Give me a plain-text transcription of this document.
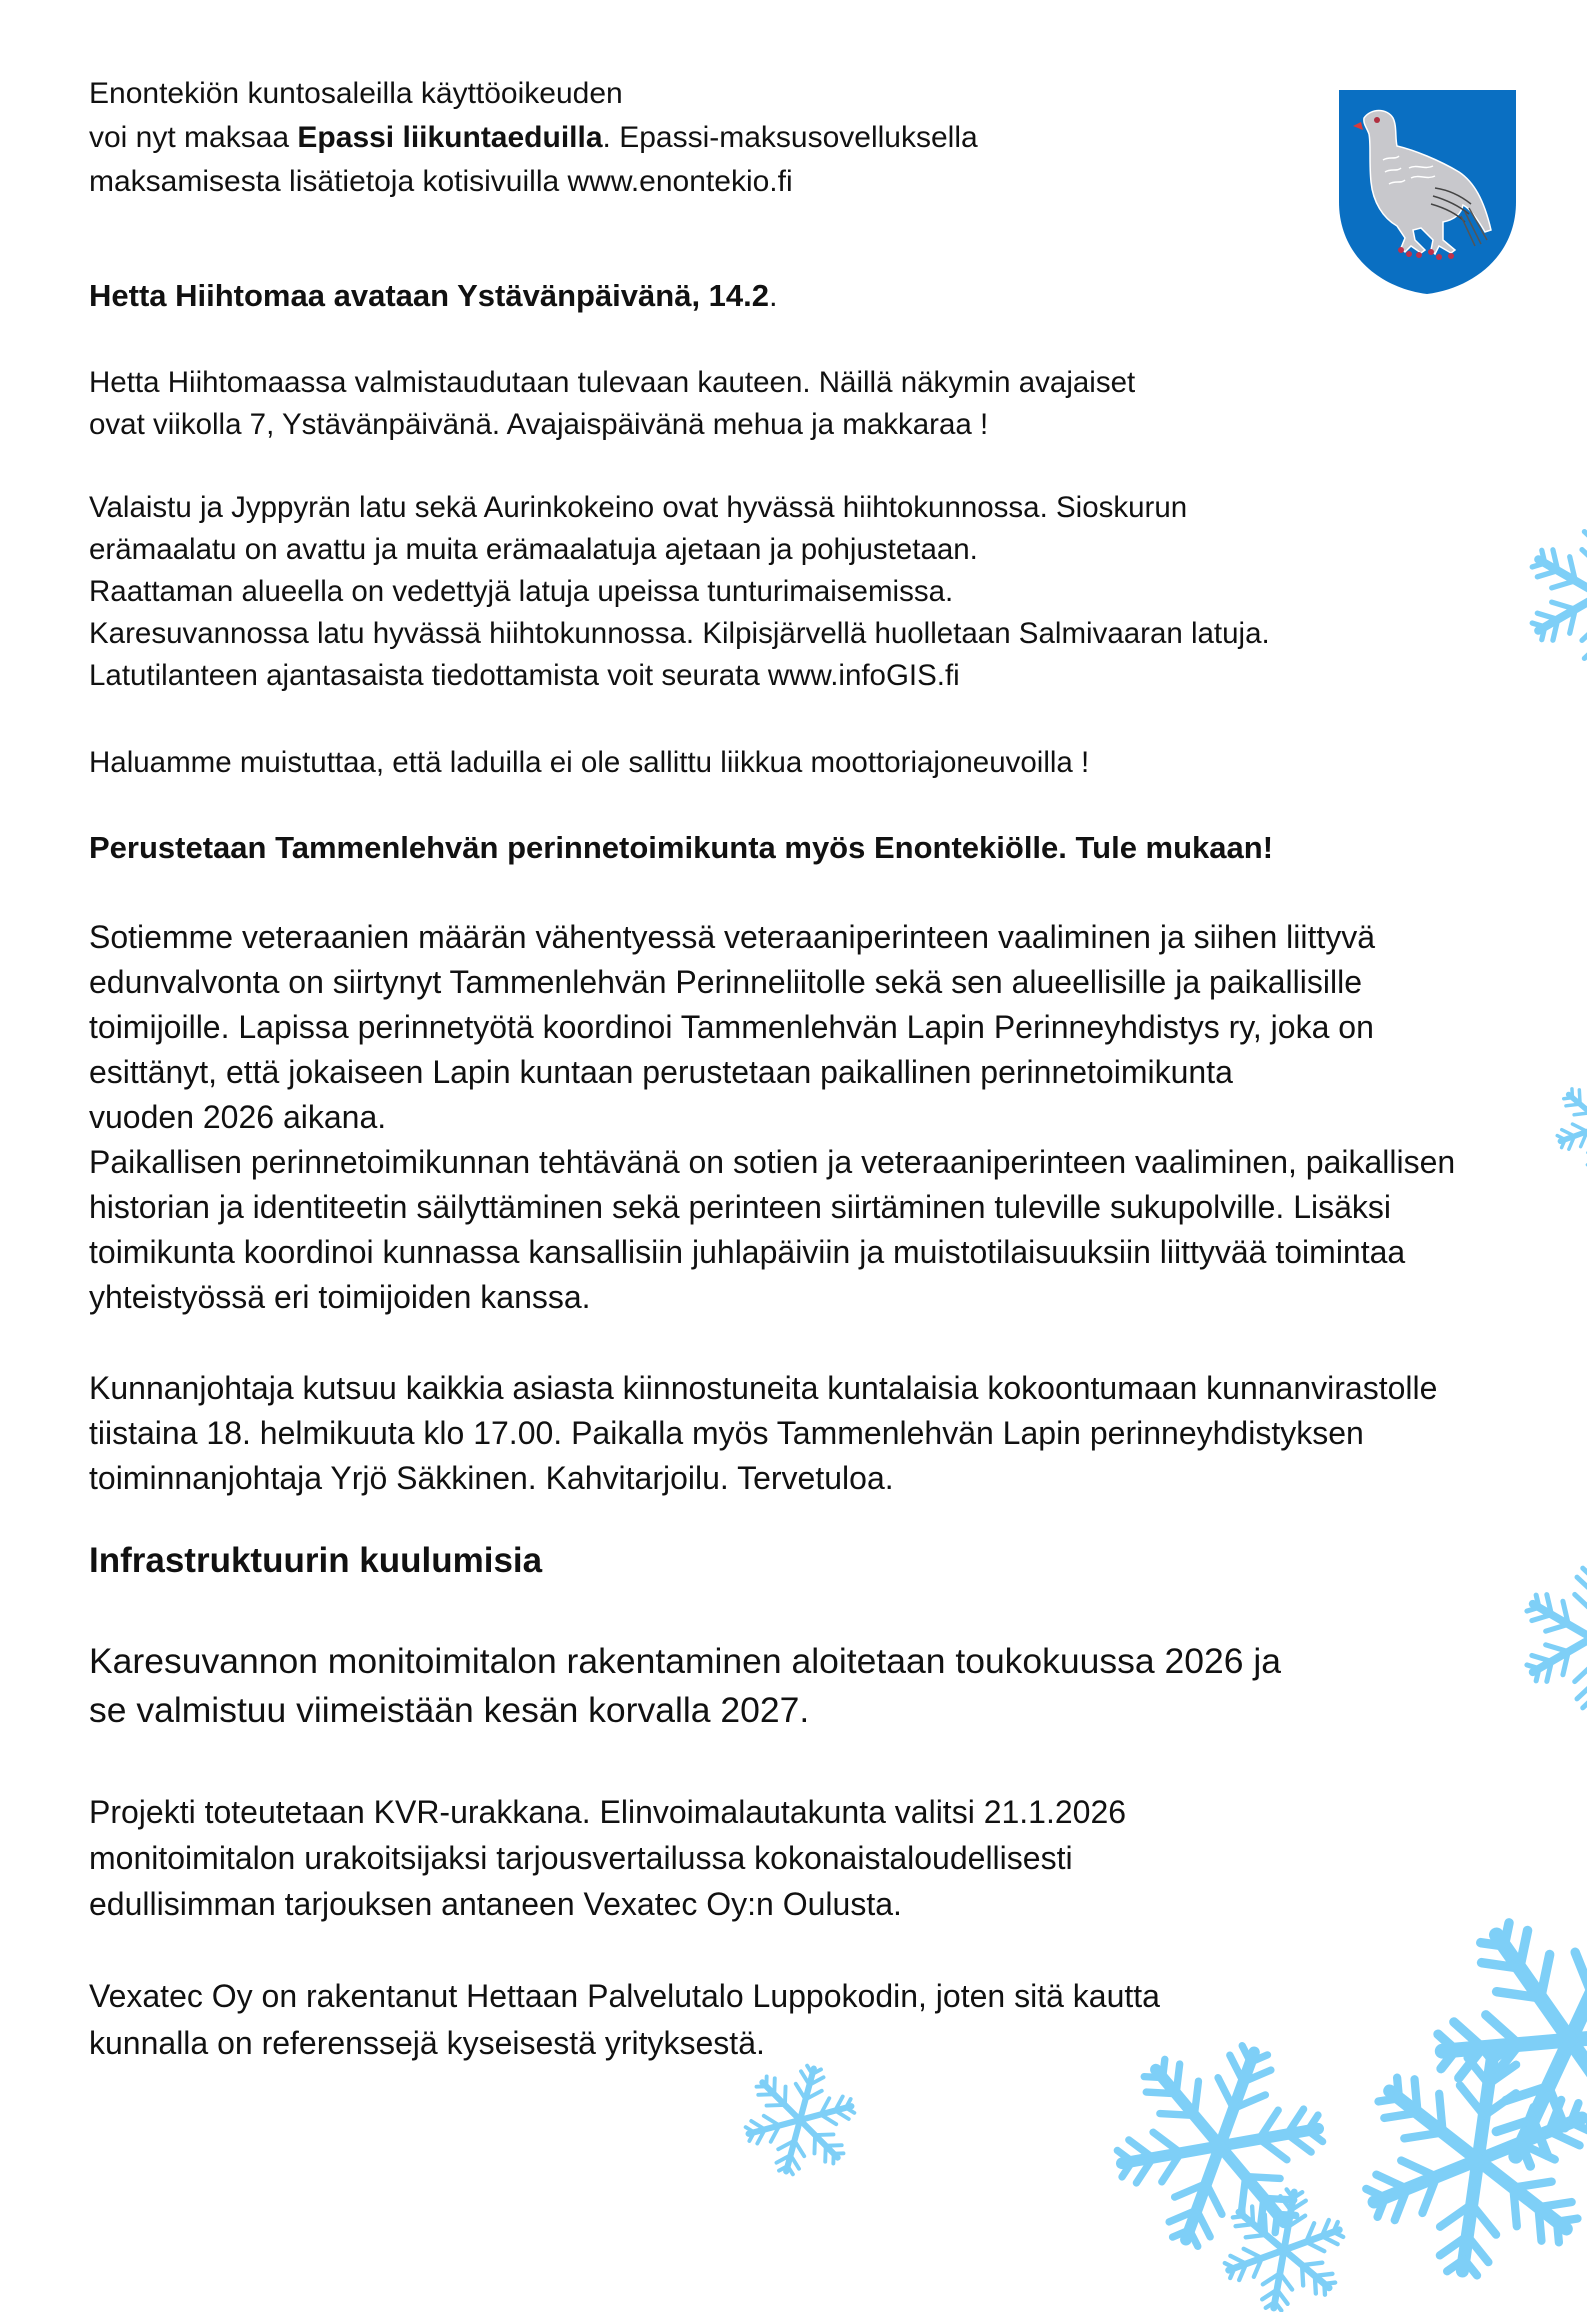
Enontekiön kuntosaleilla käyttöoikeuden
voi nyt maksaa Epassi liikuntaeduilla. Epassi-maksusovelluksella
maksamisesta lisätietoja kotisivuilla www.enontekio.fi
Hetta Hiihtomaa avataan Ystävänpäivänä, 14.2.
Hetta Hiihtomaassa valmistaudutaan tulevaan kauteen. Näillä näkymin avajaiset
ovat viikolla 7, Ystävänpäivänä. Avajaispäivänä mehua ja makkaraa !
Valaistu ja Jyppyrän latu sekä Aurinkokeino ovat hyvässä hiihtokunnossa. Sioskurun
erämaalatu on avattu ja muita erämaalatuja ajetaan ja pohjustetaan.
Raattaman alueella on vedettyjä latuja upeissa tunturimaisemissa.
Karesuvannossa latu hyvässä hiihtokunnossa. Kilpisjärvellä huolletaan Salmivaaran latuja.
Latutilanteen ajantasaista tiedottamista voit seurata www.infoGIS.fi
Haluamme muistuttaa, että laduilla ei ole sallittu liikkua moottoriajoneuvoilla !
Perustetaan Tammenlehvän perinnetoimikunta myös Enontekiölle. Tule mukaan!
Sotiemme veteraanien määrän vähentyessä veteraaniperinteen vaaliminen ja siihen liittyvä
edunvalvonta on siirtynyt Tammenlehvän Perinneliitolle sekä sen alueellisille ja paikallisille
toimijoille. Lapissa perinnetyötä koordinoi Tammenlehvän Lapin Perinneyhdistys ry, joka on
esittänyt, että jokaiseen Lapin kuntaan perustetaan paikallinen perinnetoimikunta
vuoden 2026 aikana.
Paikallisen perinnetoimikunnan tehtävänä on sotien ja veteraaniperinteen vaaliminen, paikallisen
historian ja identiteetin säilyttäminen sekä perinteen siirtäminen tuleville sukupolville. Lisäksi
toimikunta koordinoi kunnassa kansallisiin juhlapäiviin ja muistotilaisuuksiin liittyvää toimintaa
yhteistyössä eri toimijoiden kanssa.
Kunnanjohtaja kutsuu kaikkia asiasta kiinnostuneita kuntalaisia kokoontumaan kunnanvirastolle
tiistaina 18. helmikuuta klo 17.00. Paikalla myös Tammenlehvän Lapin perinneyhdistyksen
toiminnanjohtaja Yrjö Säkkinen. Kahvitarjoilu. Tervetuloa.
Infrastruktuurin kuulumisia
Karesuvannon monitoimitalon rakentaminen aloitetaan toukokuussa 2026 ja
se valmistuu viimeistään kesän korvalla 2027.
Projekti toteutetaan KVR-urakkana. Elinvoimalautakunta valitsi 21.1.2026
monitoimitalon urakoitsijaksi tarjousvertailussa kokonaistaloudellisesti
edullisimman tarjouksen antaneen Vexatec Oy:n Oulusta.
Vexatec Oy on rakentanut Hettaan Palvelutalo Luppokodin, joten sitä kautta
kunnalla on referenssejä kyseisestä yrityksestä.
